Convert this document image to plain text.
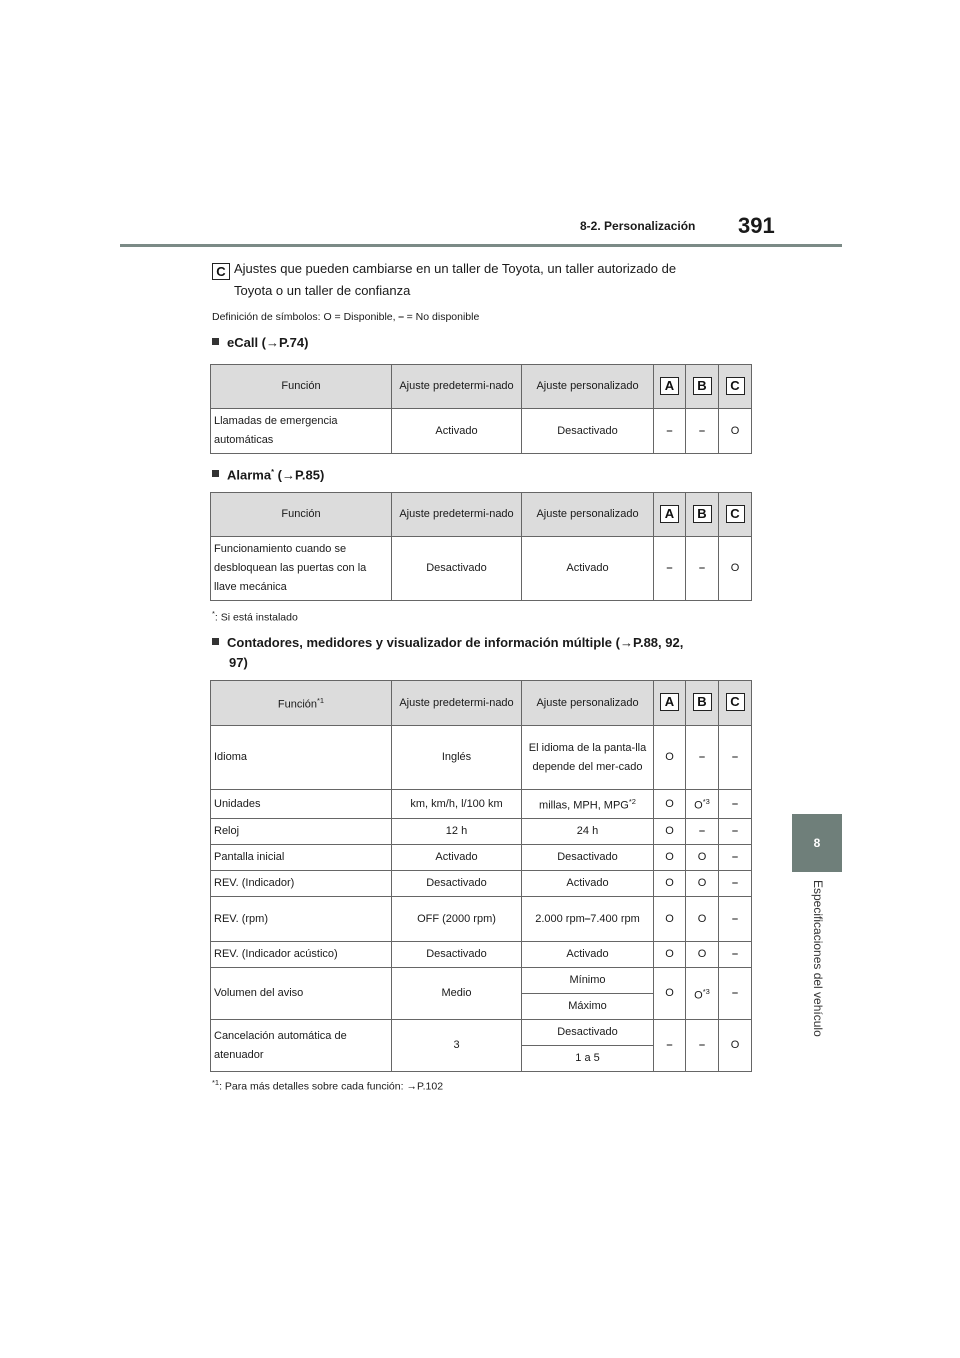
8-2. Personalización 391
8
Especificaciones del vehículo
C Ajustes que pueden cambiarse en un taller de Toyota, un taller autorizado de
Toyota o un taller de confianza
Definición de símbolos: O = Disponible, ⎯ = No disponible
eCall (→P.74)
Función	Ajuste predetermi-nado	Ajuste personalizado	A	B	C
Llamadas de emergencia automáticas	Activado	Desactivado	⎯	⎯	O
Alarma* (→P.85)
Función	Ajuste predetermi-nado	Ajuste personalizado	A	B	C
Funcionamiento cuando se desbloquean las puertas con la llave mecánica	Desactivado	Activado	⎯	⎯	O
*: Si está instalado
Contadores, medidores y visualizador de información múltiple (→P.88, 92,
97)
Función$^{*1}$	Ajuste predetermi-nado	Ajuste personalizado	A	B	C
Idioma	Inglés	El idioma de la panta-lla depende del mer-cado	O	⎯	⎯
Unidades	km, km/h, l/100 km	millas, MPH, MPG$^{*2}$	O	$O^{*3}$	⎯
Reloj	12 h	24 h	O	⎯	⎯
Pantalla inicial	Activado	Desactivado	O	O	⎯
REV. (Indicador)	Desactivado	Activado	O	O	⎯
REV. (rpm)	OFF (2000 rpm)	2.000 rpm⎯7.400 rpm	O	O	⎯
REV. (Indicador acústico)	Desactivado	Activado	O	O	⎯
Volumen del aviso	Medio	Mínimo	O	$O^{*3}$	⎯
		Máximo			
Cancelación automática de atenuador	3	Desactivado	⎯	⎯	O
		1 a 5			
$^{*1}$: Para más detalles sobre cada función: →P.102
